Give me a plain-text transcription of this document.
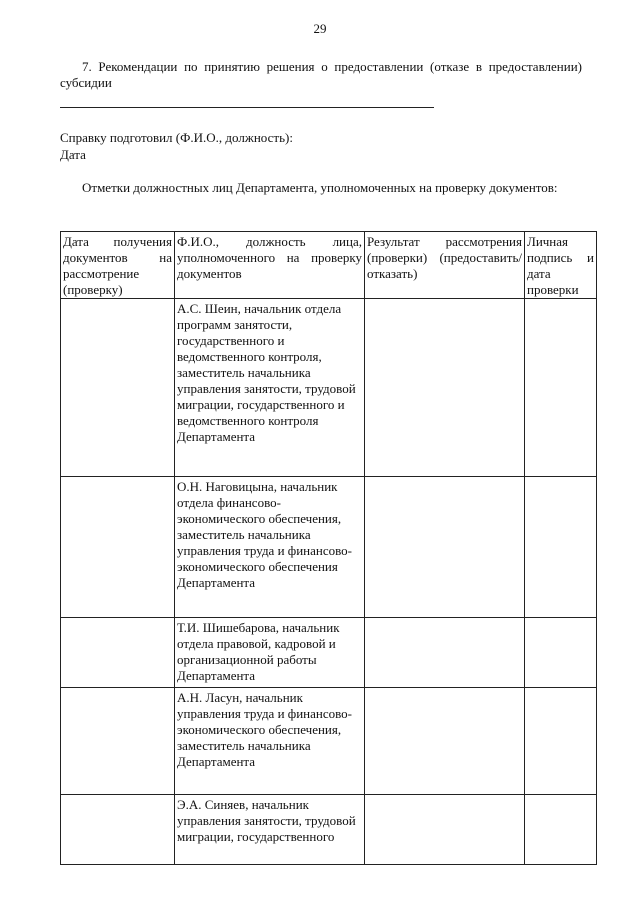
29
7. Рекомендации по принятию решения о предоставлении (отказе в предоставлении) субсидии
Справку подготовил (Ф.И.О., должность):
Дата
Отметки должностных лиц Департамента, уполномоченных на проверку документов:
Дата получения документов на рассмотрение (проверку)	Ф.И.О., должность лица, уполномоченного на проверку документов	Результат рассмотрения (проверки) (предоставить/отказать)	Личная подпись и дата проверки
	А.С. Шеин, начальник отдела программ занятости, государственного и ведомственного контроля, заместитель начальника управления занятости, трудовой миграции, государственного и ведомственного контроля Департамента		
	О.Н. Наговицына, начальник отдела финансово-экономического обеспечения, заместитель начальника управления труда и финансово-экономического обеспечения Департамента		
	Т.И. Шишебарова, начальник отдела правовой, кадровой и организационной работы Департамента		
	А.Н. Ласун, начальник управления труда и финансово-экономического обеспечения, заместитель начальника Департамента		
	Э.А. Синяев, начальник управления занятости, трудовой миграции, государственного		
